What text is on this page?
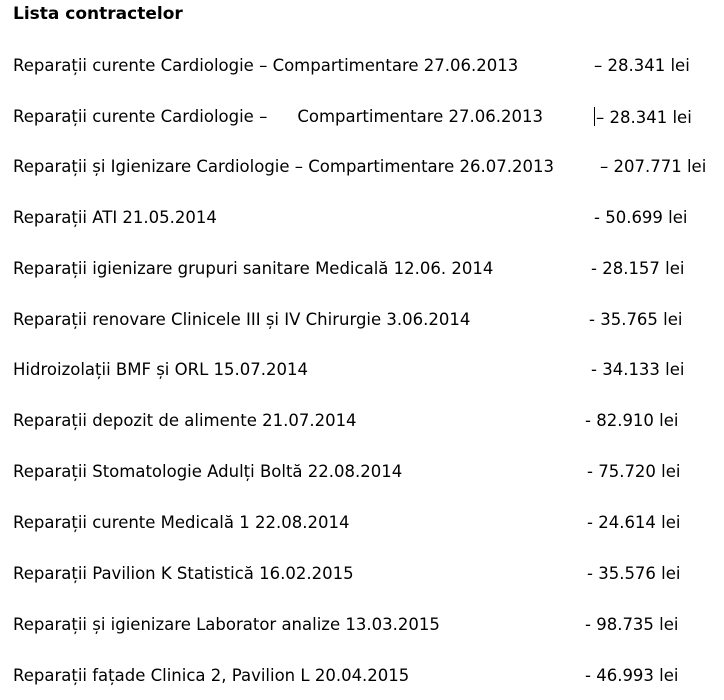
Lista contractelor
Reparații curente Cardiologie – Compartimentare 27.06.2013	– 28.341 lei
Reparații curente Cardiologie – Compartimentare 27.06.2013	– 28.341 lei
Reparații și Igienizare Cardiologie – Compartimentare 26.07.2013	– 207.771 lei
Reparații ATI 21.05.2014	- 50.699 lei
Reparații igienizare grupuri sanitare Medicală 12.06. 2014	- 28.157 lei
Reparații renovare Clinicele III și IV Chirurgie 3.06.2014	- 35.765 lei
Hidroizolații BMF și ORL 15.07.2014	- 34.133 lei
Reparații depozit de alimente 21.07.2014	- 82.910 lei
Reparații Stomatologie Adulți Boltă 22.08.2014	- 75.720 lei
Reparații curente Medicală 1 22.08.2014	- 24.614 lei
Reparații Pavilion K Statistică 16.02.2015	- 35.576 lei
Reparații și igienizare Laborator analize 13.03.2015	- 98.735 lei
Reparații fațade Clinica 2, Pavilion L 20.04.2015	- 46.993 lei
